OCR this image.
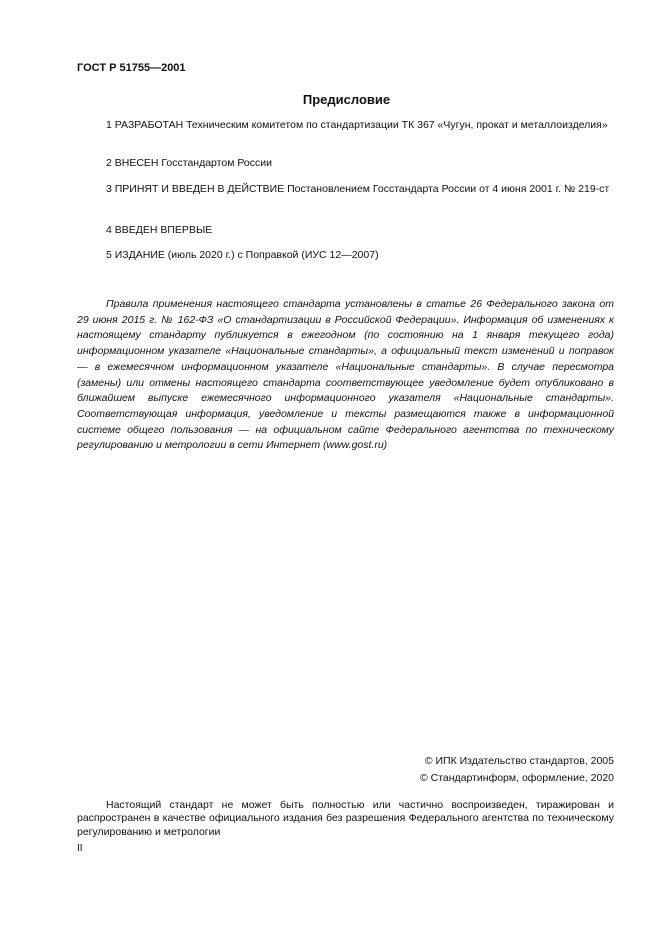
ГОСТ Р 51755—2001
Предисловие
1 РАЗРАБОТАН Техническим комитетом по стандартизации ТК 367 «Чугун, прокат и металлоизделия»
2 ВНЕСЕН Госстандартом России
3 ПРИНЯТ И ВВЕДЕН В ДЕЙСТВИЕ Постановлением Госстандарта России от 4 июня 2001 г. № 219-ст
4 ВВЕДЕН ВПЕРВЫЕ
5 ИЗДАНИЕ (июль 2020 г.) с Поправкой (ИУС 12—2007)
Правила применения настоящего стандарта установлены в статье 26 Федерального закона от 29 июня 2015 г. № 162-ФЗ «О стандартизации в Российской Федерации». Информация об изменениях к настоящему стандарту публикуется в ежегодном (по состоянию на 1 января текущего года) информационном указателе «Национальные стандарты», а официальный текст изменений и поправок — в ежемесячном информационном указателе «Национальные стандарты». В случае пересмотра (замены) или отмены настоящего стандарта соответствующее уведомление будет опубликовано в ближайшем выпуске ежемесячного информационного указателя «Национальные стандарты». Соответствующая информация, уведомление и тексты размещаются также в информационной системе общего пользования — на официальном сайте Федерального агентства по техническому регулированию и метрологии в сети Интернет (www.gost.ru)
© ИПК Издательство стандартов, 2005
© Стандартинформ, оформление, 2020
Настоящий стандарт не может быть полностью или частично воспроизведен, тиражирован и распространен в качестве официального издания без разрешения Федерального агентства по техническому регулированию и метрологии
II
